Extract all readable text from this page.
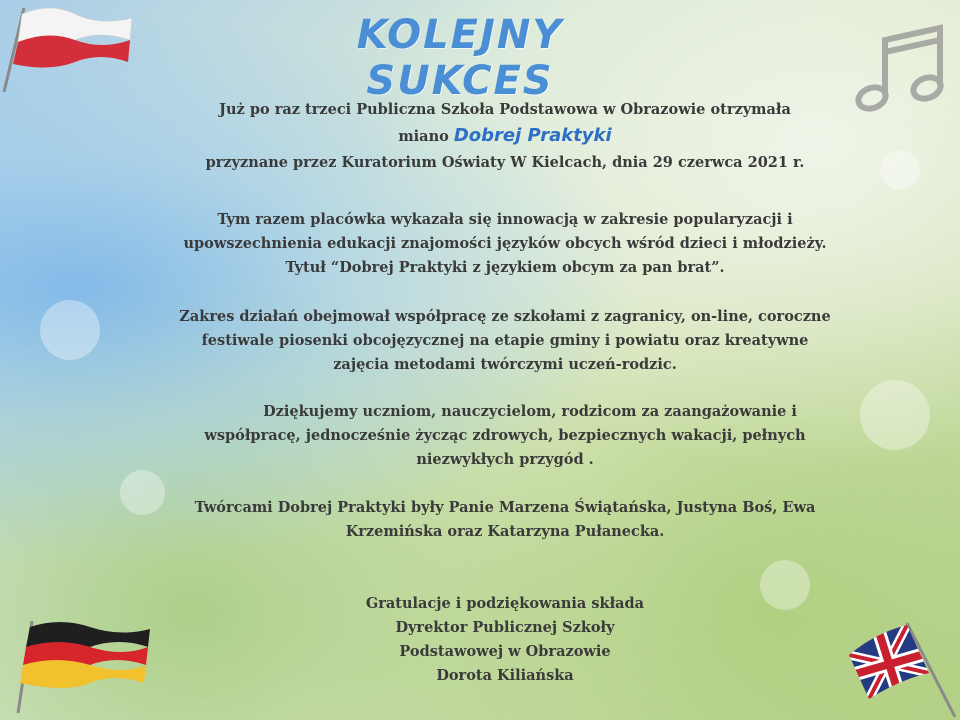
KOLEJNY SUKCES

Już po raz trzeci Publiczna Szkoła Podstawowa w Obrazowie otrzymała

miano Dobrej Praktyki

przyznane przez Kuratorium Oświaty W Kielcach, dnia 29 czerwca 2021 r.

Tym razem placówka wykazała się innowacją w zakresie popularyzacji i

upowszechnienia edukacji znajomości języków obcych wśród dzieci i młodzieży.

Tytuł “Dobrej Praktyki z językiem obcym za pan brat”.

Zakres działań obejmował współpracę ze szkołami z zagranicy, on-line, coroczne

festiwale piosenki obcojęzycznej na etapie gminy i powiatu oraz kreatywne

zajęcia metodami twórczymi uczeń-rodzic.

Dziękujemy uczniom, nauczycielom, rodzicom za zaangażowanie i

współpracę, jednocześnie życząc zdrowych, bezpiecznych wakacji, pełnych

niezwykłych przygód .

Twórcami Dobrej Praktyki były Panie Marzena Świątańska, Justyna Boś, Ewa

Krzemińska oraz Katarzyna Pułanecka.

Gratulacje i podziękowania składa

Dyrektor Publicznej Szkoły

Podstawowej w Obrazowie

Dorota Kiliańska
